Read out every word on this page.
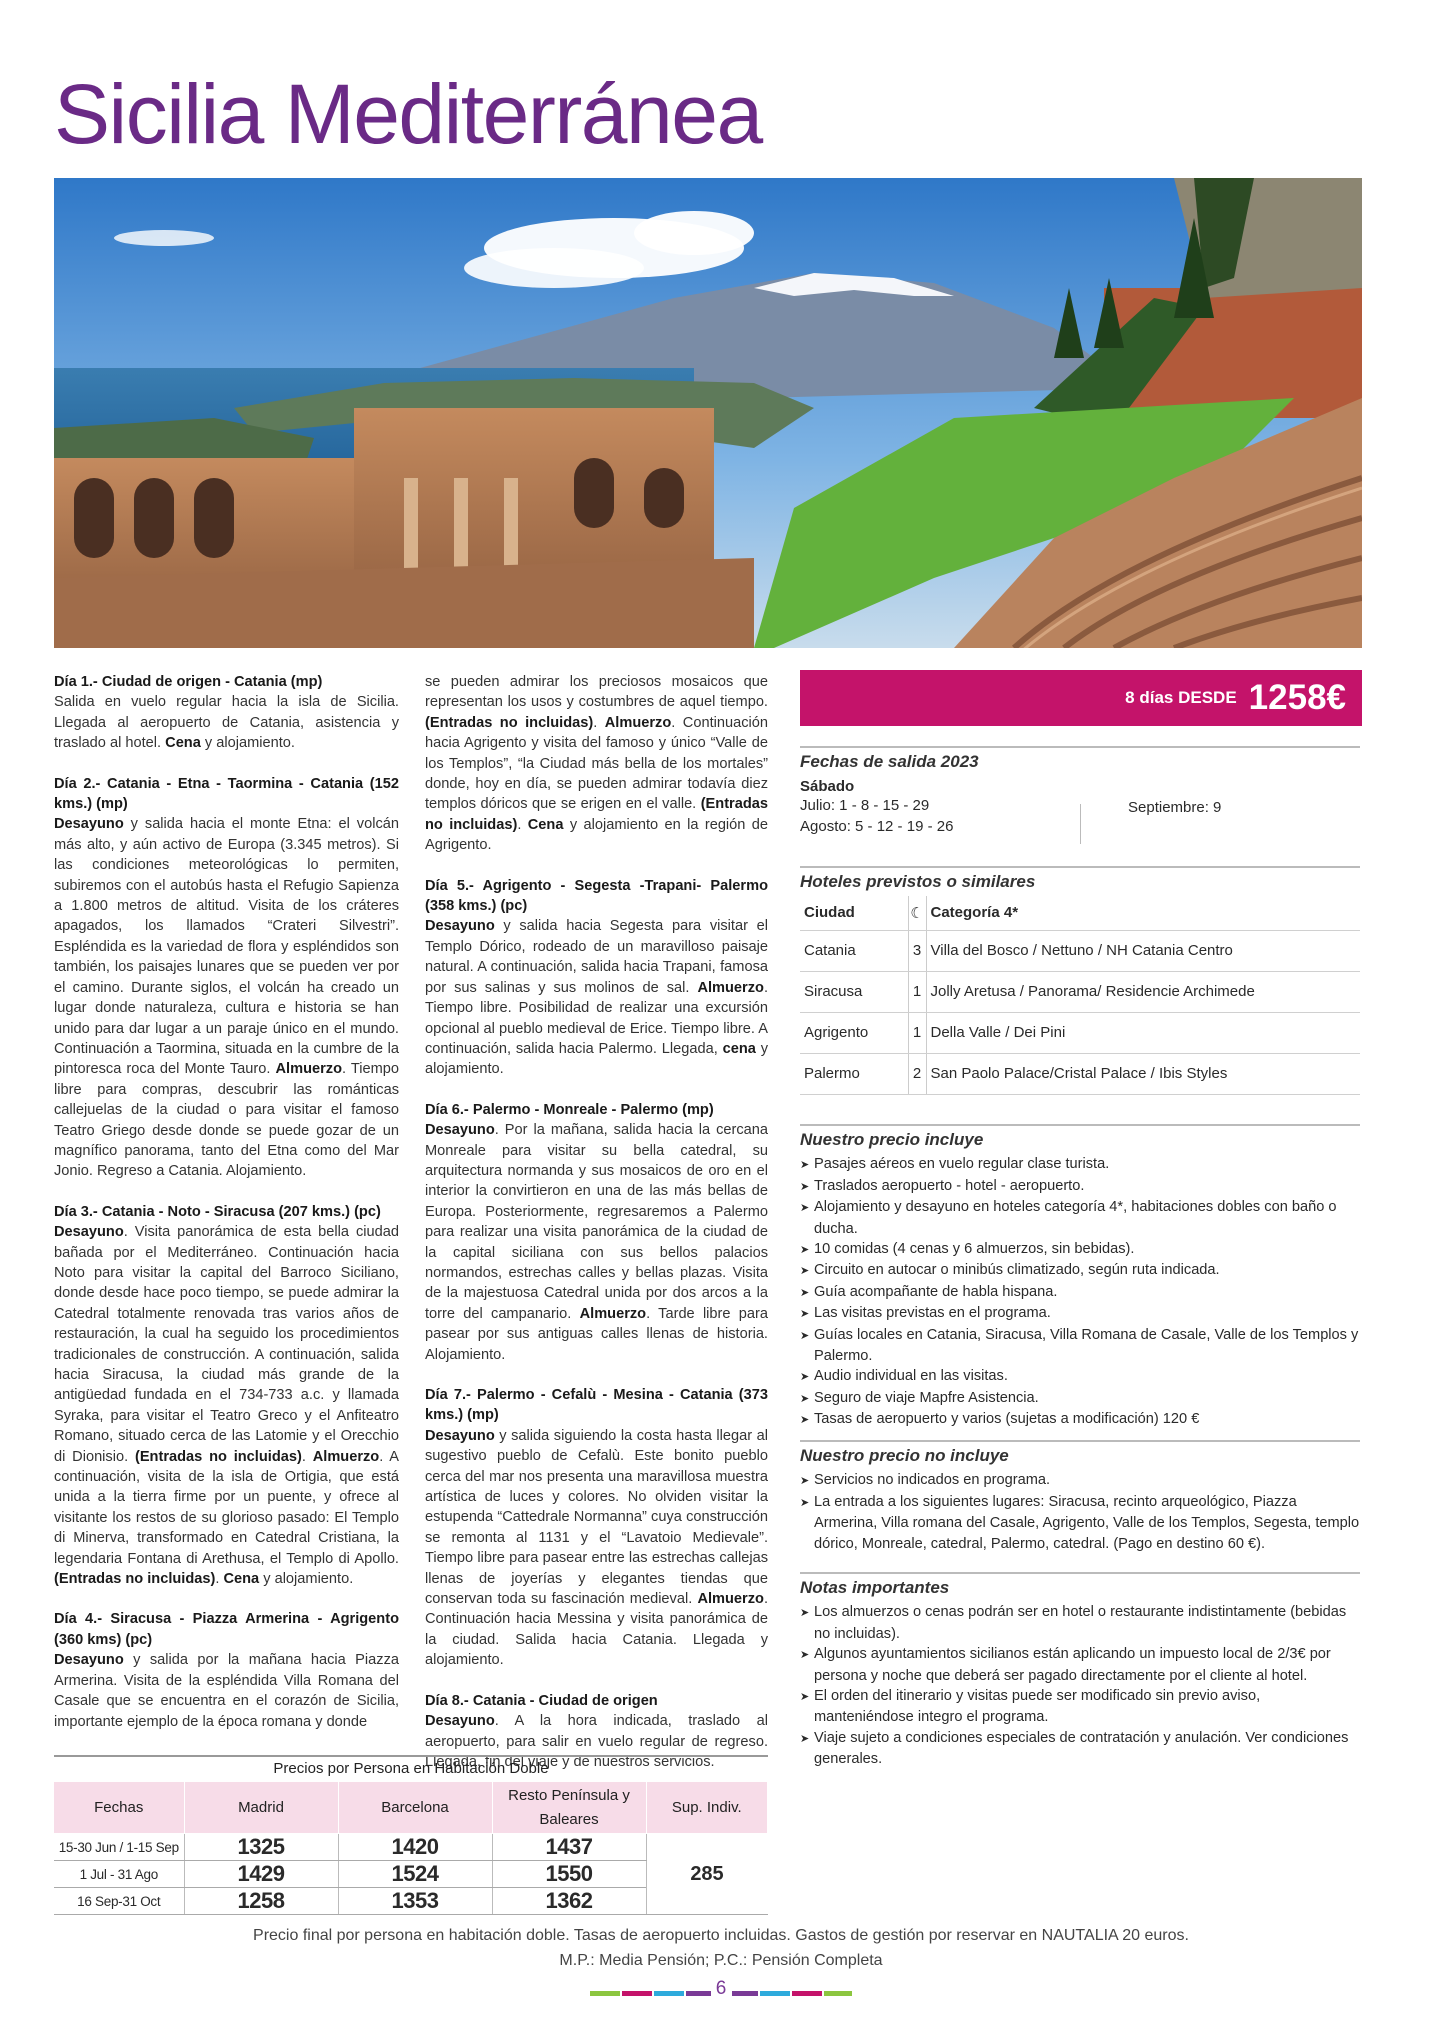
Sicilia Mediterránea
Día 1.- Ciudad de origen - Catania (mp)
Salida en vuelo regular hacia la isla de Sicilia. Llegada al aeropuerto de Catania, asistencia y traslado al hotel. Cena y alojamiento.
Día 2.- Catania - Etna - Taormina - Catania (152 kms.) (mp)
Desayuno y salida hacia el monte Etna: el volcán más alto, y aún activo de Europa (3.345 metros). Si las condiciones meteorológicas lo permiten, subiremos con el autobús hasta el Refugio Sapienza a 1.800 metros de altitud. Visita de los cráteres apagados, los llamados “Crateri Silvestri”. Espléndida es la variedad de flora y espléndidos son también, los paisajes lunares que se pueden ver por el camino. Durante siglos, el volcán ha creado un lugar donde naturaleza, cultura e historia se han unido para dar lugar a un paraje único en el mundo. Continuación a Taormina, situada en la cumbre de la pintoresca roca del Monte Tauro. Almuerzo. Tiempo libre para compras, descubrir las románticas callejuelas de la ciudad o para visitar el famoso Teatro Griego desde donde se puede gozar de un magnífico panorama, tanto del Etna como del Mar Jonio. Regreso a Catania. Alojamiento.
Día 3.- Catania - Noto - Siracusa (207 kms.) (pc)
Desayuno. Visita panorámica de esta bella ciudad bañada por el Mediterráneo. Continuación hacia Noto para visitar la capital del Barroco Siciliano, donde desde hace poco tiempo, se puede admirar la Catedral totalmente renovada tras varios años de restauración, la cual ha seguido los procedimientos tradicionales de construcción. A continuación, salida hacia Siracusa, la ciudad más grande de la antigüedad fundada en el 734-733 a.c. y llamada Syraka, para visitar el Teatro Greco y el Anfiteatro Romano, situado cerca de las Latomie y el Orecchio di Dionisio. (Entradas no incluidas). Almuerzo. A continuación, visita de la isla de Ortigia, que está unida a la tierra firme por un puente, y ofrece al visitante los restos de su glorioso pasado: El Templo di Minerva, transformado en Catedral Cristiana, la legendaria Fontana di Arethusa, el Templo di Apollo. (Entradas no incluidas). Cena y alojamiento.
Día 4.- Siracusa - Piazza Armerina - Agrigento (360 kms) (pc)
Desayuno y salida por la mañana hacia Piazza Armerina. Visita de la espléndida Villa Romana del Casale que se encuentra en el corazón de Sicilia, importante ejemplo de la época romana y donde
se pueden admirar los preciosos mosaicos que representan los usos y costumbres de aquel tiempo. (Entradas no incluidas). Almuerzo. Continuación hacia Agrigento y visita del famoso y único “Valle de los Templos”, “la Ciudad más bella de los mortales” donde, hoy en día, se pueden admirar todavía diez templos dóricos que se erigen en el valle. (Entradas no incluidas). Cena y alojamiento en la región de Agrigento.
Día 5.- Agrigento - Segesta -Trapani- Palermo (358 kms.) (pc)
Desayuno y salida hacia Segesta para visitar el Templo Dórico, rodeado de un maravilloso paisaje natural. A continuación, salida hacia Trapani, famosa por sus salinas y sus molinos de sal. Almuerzo. Tiempo libre. Posibilidad de realizar una excursión opcional al pueblo medieval de Erice. Tiempo libre. A continuación, salida hacia Palermo. Llegada, cena y alojamiento.
Día 6.- Palermo - Monreale - Palermo (mp)
Desayuno. Por la mañana, salida hacia la cercana Monreale para visitar su bella catedral, su arquitectura normanda y sus mosaicos de oro en el interior la convirtieron en una de las más bellas de Europa. Posteriormente, regresaremos a Palermo para realizar una visita panorámica de la ciudad de la capital siciliana con sus bellos palacios normandos, estrechas calles y bellas plazas. Visita de la majestuosa Catedral unida por dos arcos a la torre del campanario. Almuerzo. Tarde libre para pasear por sus antiguas calles llenas de historia. Alojamiento.
Día 7.- Palermo - Cefalù - Mesina - Catania (373 kms.) (mp)
Desayuno y salida siguiendo la costa hasta llegar al sugestivo pueblo de Cefalù. Este bonito pueblo cerca del mar nos presenta una maravillosa muestra artística de luces y colores. No olviden visitar la estupenda “Cattedrale Normanna” cuya construcción se remonta al 1131 y el “Lavatoio Medievale”. Tiempo libre para pasear entre las estrechas callejas llenas de joyerías y elegantes tiendas que conservan toda su fascinación medieval. Almuerzo. Continuación hacia Messina y visita panorámica de la ciudad. Salida hacia Catania. Llegada y alojamiento.
Día 8.- Catania - Ciudad de origen
Desayuno. A la hora indicada, traslado al aeropuerto, para salir en vuelo regular de regreso. Llegada, fin del viaje y de nuestros servicios.
8 días DESDE 1258€
Fechas de salida 2023
Sábado
Julio: 1 - 8 - 15 - 29
Agosto: 5 - 12 - 19 - 26
Septiembre: 9
Hoteles previstos o similares
Ciudad	☾	Categoría 4*
Catania	3	Villa del Bosco / Nettuno / NH Catania Centro
Siracusa	1	Jolly Aretusa / Panorama/ Residencie Archimede
Agrigento	1	Della Valle / Dei Pini
Palermo	2	San Paolo Palace/Cristal Palace / Ibis Styles
Nuestro precio incluye
➤ Pasajes aéreos en vuelo regular clase turista.
➤ Traslados aeropuerto - hotel - aeropuerto.
➤ Alojamiento y desayuno en hoteles categoría 4*, habitaciones dobles con baño o ducha.
➤ 10 comidas (4 cenas y 6 almuerzos, sin bebidas).
➤ Circuito en autocar o minibús climatizado, según ruta indicada.
➤ Guía acompañante de habla hispana.
➤ Las visitas previstas en el programa.
➤ Guías locales en Catania, Siracusa, Villa Romana de Casale, Valle de los Templos y Palermo.
➤ Audio individual en las visitas.
➤ Seguro de viaje Mapfre Asistencia.
➤ Tasas de aeropuerto y varios (sujetas a modificación) 120 €
Nuestro precio no incluye
➤ Servicios no indicados en programa.
➤ La entrada a los siguientes lugares: Siracusa, recinto arqueológico, Piazza Armerina, Villa romana del Casale, Agrigento, Valle de los Templos, Segesta, templo dórico, Monreale, catedral, Palermo, catedral. (Pago en destino 60 €).
Notas importantes
➤ Los almuerzos o cenas podrán ser en hotel o restaurante indistintamente (bebidas no incluidas).
➤ Algunos ayuntamientos sicilianos están aplicando un impuesto local de 2/3€ por persona y noche que deberá ser pagado directamente por el cliente al hotel.
➤ El orden del itinerario y visitas puede ser modificado sin previo aviso, manteniéndose integro el programa.
➤ Viaje sujeto a condiciones especiales de contratación y anulación. Ver condiciones generales.
Precios por Persona en Habitación Doble
Fechas	Madrid	Barcelona	Resto Península y Baleares	Sup. Indiv.
15-30 Jun / 1-15 Sep	1325	1420	1437	285
1 Jul - 31 Ago	1429	1524	1550	
16 Sep-31 Oct	1258	1353	1362	
Precio final por persona en habitación doble. Tasas de aeropuerto incluidas. Gastos de gestión por reservar en NAUTALIA 20 euros.
M.P.: Media Pensión; P.C.: Pensión Completa
6
